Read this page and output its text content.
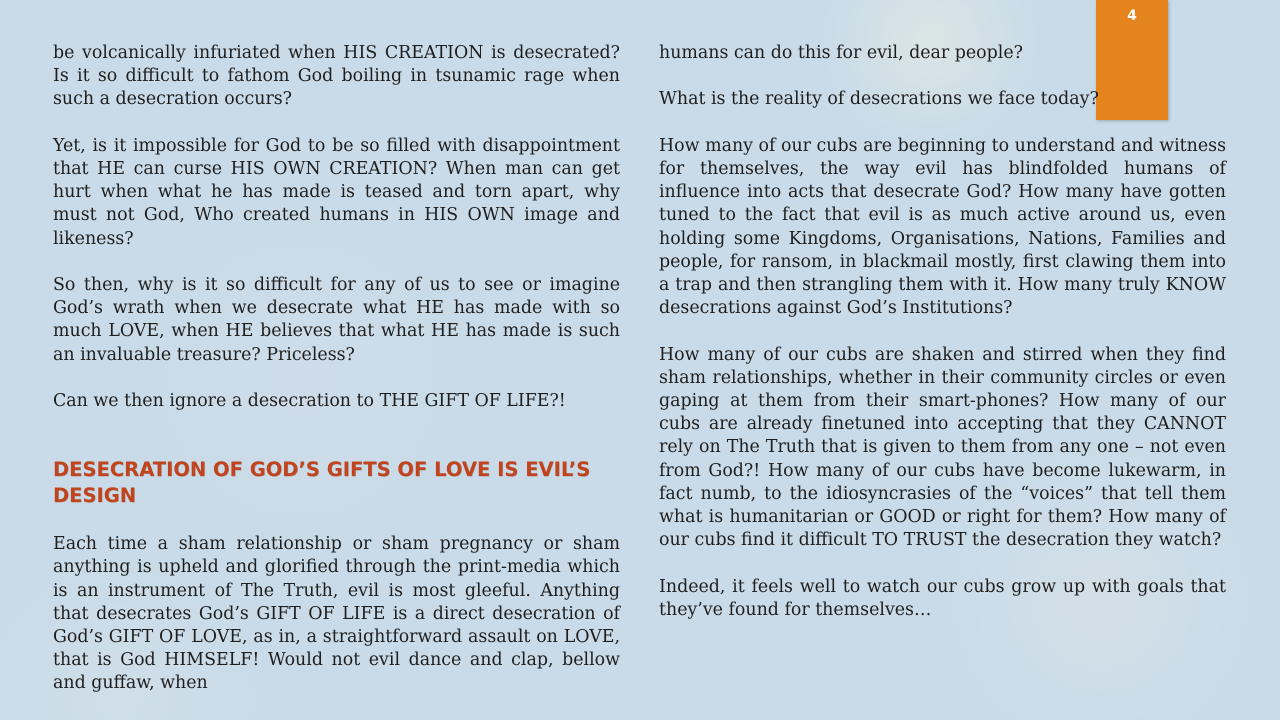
4

be volcanically infuriated when HIS CREATION is desecrated? Is it so difficult to fathom God boiling in tsunamic rage when such a desecration occurs?

Yet, is it impossible for God to be so filled with disappointment that HE can curse HIS OWN CREATION? When man can get hurt when what he has made is teased and torn apart, why must not God, Who created humans in HIS OWN image and likeness?

So then, why is it so difficult for any of us to see or imagine God’s wrath when we desecrate what HE has made with so much LOVE, when HE believes that what HE has made is such an invaluable treasure? Priceless?

Can we then ignore a desecration to THE GIFT OF LIFE?!

DESECRATION OF GOD’S GIFTS OF LOVE IS EVIL’S DESIGN

Each time a sham relationship or sham pregnancy or sham anything is upheld and glorified through the print-media which is an instrument of The Truth, evil is most gleeful. Anything that desecrates God’s GIFT OF LIFE is a direct desecration of God’s GIFT OF LOVE, as in, a straightforward assault on LOVE, that is God HIMSELF! Would not evil dance and clap, bellow and guffaw, when

humans can do this for evil, dear people?

What is the reality of desecrations we face today?

How many of our cubs are beginning to understand and witness for themselves, the way evil has blindfolded humans of influence into acts that desecrate God? How many have gotten tuned to the fact that evil is as much active around us, even holding some Kingdoms, Organisations, Nations, Families and people, for ransom, in blackmail mostly, first clawing them into a trap and then strangling them with it. How many truly KNOW desecrations against God’s Institutions?

How many of our cubs are shaken and stirred when they find sham relationships, whether in their community circles or even gaping at them from their smart-phones? How many of our cubs are already finetuned into accepting that they CANNOT rely on The Truth that is given to them from any one – not even from God?! How many of our cubs have become lukewarm, in fact numb, to the idiosyncrasies of the “voices” that tell them what is humanitarian or GOOD or right for them? How many of our cubs find it difficult TO TRUST the desecration they watch?

Indeed, it feels well to watch our cubs grow up with goals that they’ve found for themselves…
